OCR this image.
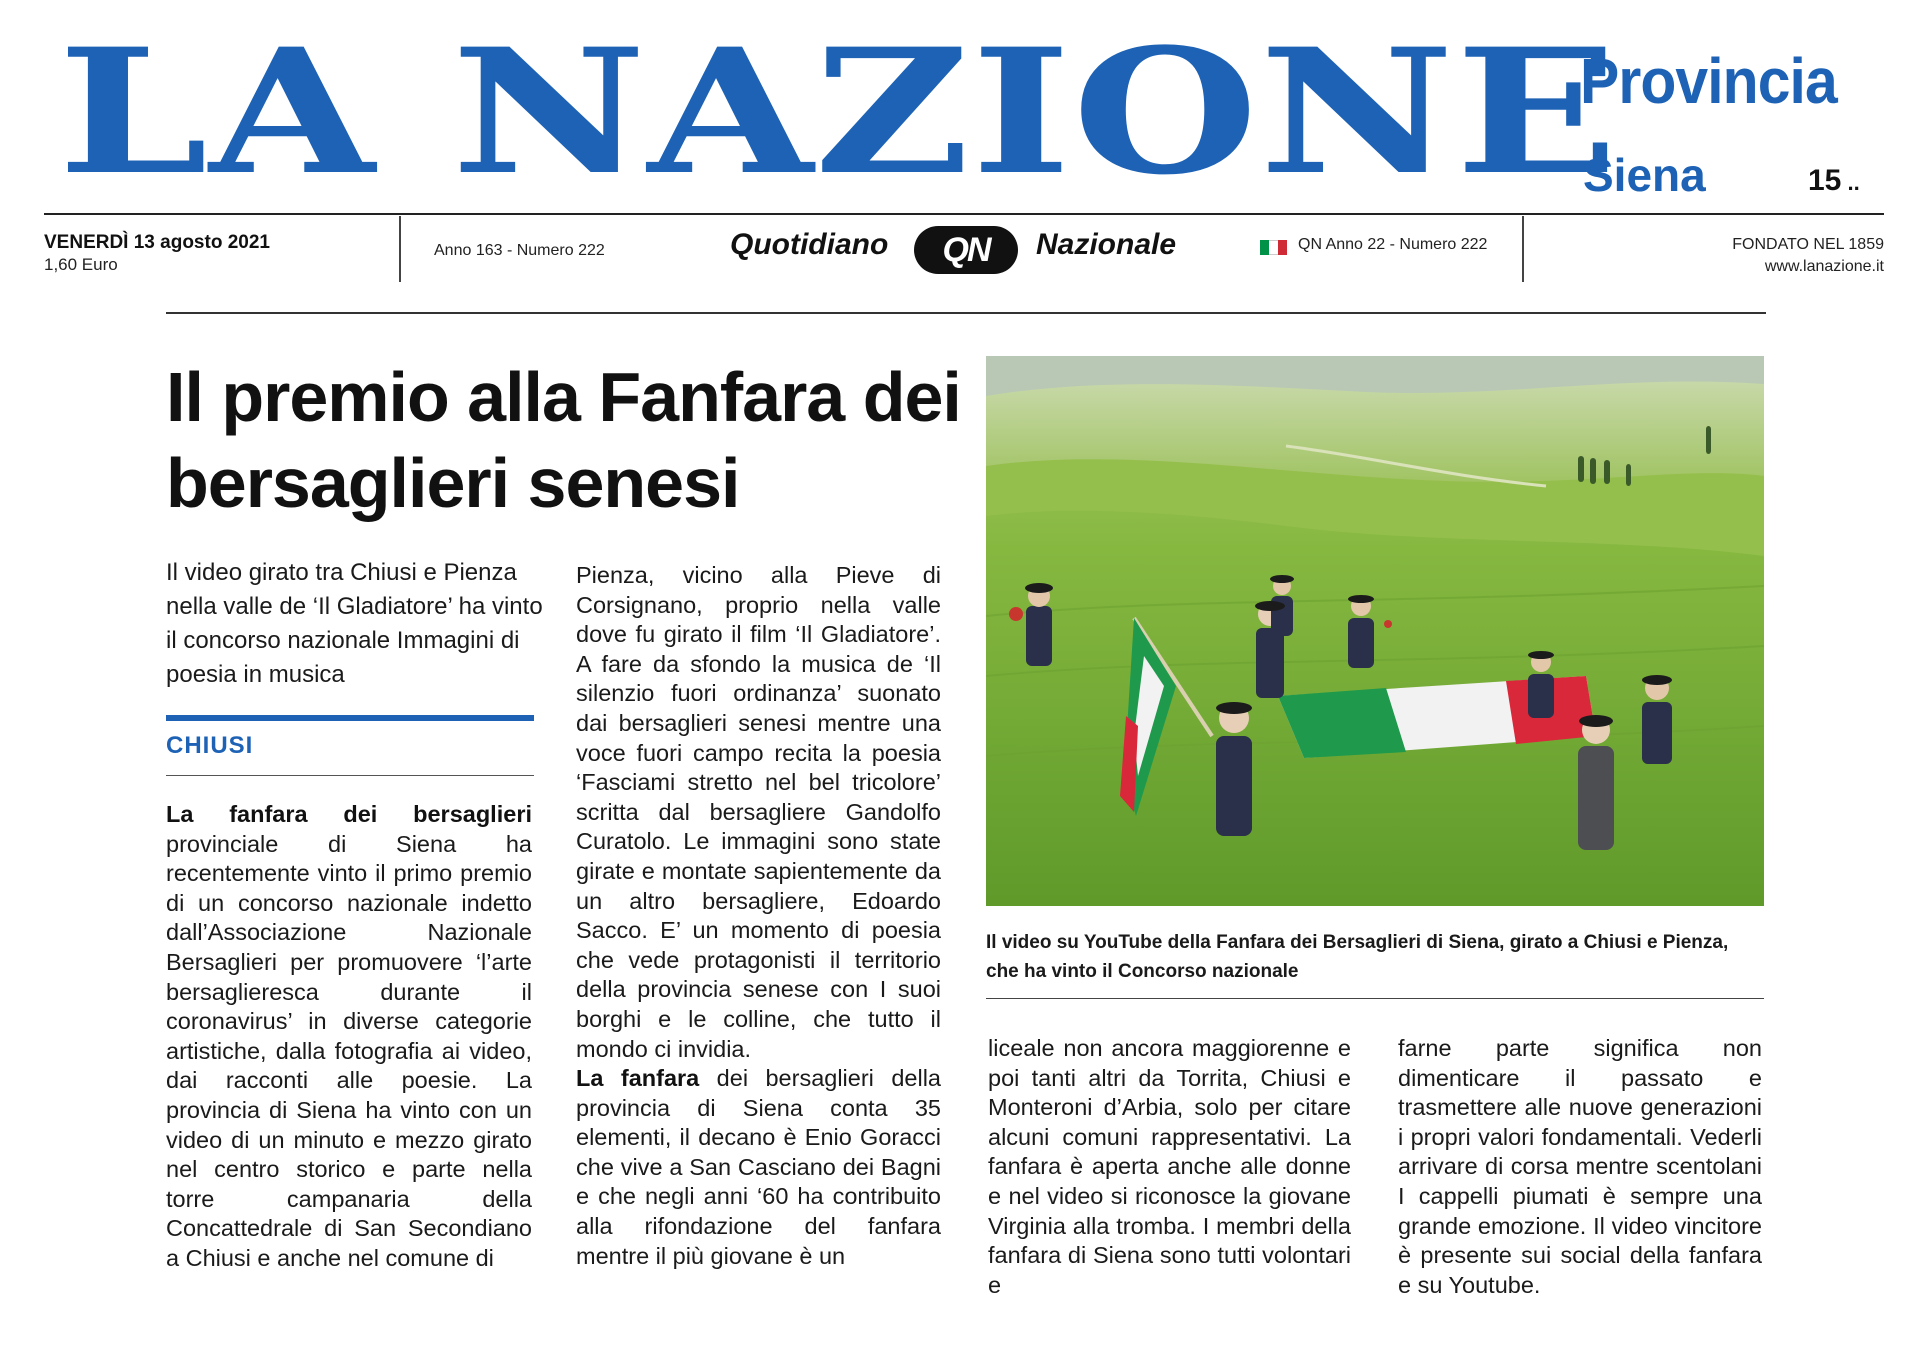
LA NAZIONE
Provincia
Siena	15 ..
VENERDÌ 13 agosto 2021
1,60 Euro
Anno 163 - Numero 222	Quotidiano	QN	Nazionale	QN Anno 22 - Numero 222	FONDATO NEL 1859
www.lanazione.it
Il premio alla Fanfara dei bersaglieri senesi
Il video girato tra Chiusi e Pienza nella valle de ‘Il Gladiatore’ ha vinto il concorso nazionale Immagini di poesia in musica
CHIUSI

La fanfara dei bersaglieri provinciale di Siena ha recentemente vinto il primo premio di un concorso nazionale indetto dall’Associazione Nazionale Bersaglieri per promuovere ‘l’arte bersaglieresca durante il coronavirus’ in diverse categorie artistiche, dalla fotografia ai video, dai racconti alle poesie. La provincia di Siena ha vinto con un video di un minuto e mezzo girato nel centro storico e parte nella torre campanaria della Concattedrale di San Secondiano a Chiusi e anche nel comune di

Pienza, vicino alla Pieve di Corsignano, proprio nella valle dove fu girato il film ‘Il Gladiatore’. A fare da sfondo la musica de ‘Il silenzio fuori ordinanza’ suonato dai bersaglieri senesi mentre una voce fuori campo recita la poesia ‘Fasciami stretto nel bel tricolore’ scritta dal bersagliere Gandolfo Curatolo. Le immagini sono state girate e montate sapientemente da un altro bersagliere, Edoardo Sacco. E’ un momento di poesia che vede protagonisti il territorio della provincia senese con I suoi borghi e le colline, che tutto il mondo ci invidia.

La fanfara dei bersaglieri della provincia di Siena conta 35 elementi, il decano è Enio Goracci che vive a San Casciano dei Bagni e che negli anni ‘60 ha contribuito alla rifondazione del fanfara mentre il più giovane è un

liceale non ancora maggiorenne e poi tanti altri da Torrita, Chiusi e Monteroni d’Arbia, solo per citare alcuni comuni rappresentativi. La fanfara è aperta anche alle donne e nel video si riconosce la giovane Virginia alla tromba. I membri della fanfara di Siena sono tutti volontari e

farne parte significa non dimenticare il passato e trasmettere alle nuove generazioni i propri valori fondamentali. Vederli arrivare di corsa mentre scentolani I cappelli piumati è sempre una grande emozione. Il video vincitore è presente sui social della fanfara e su Youtube.

Il video su YouTube della Fanfara dei Bersaglieri di Siena, girato a Chiusi e Pienza, che ha vinto il Concorso nazionale
